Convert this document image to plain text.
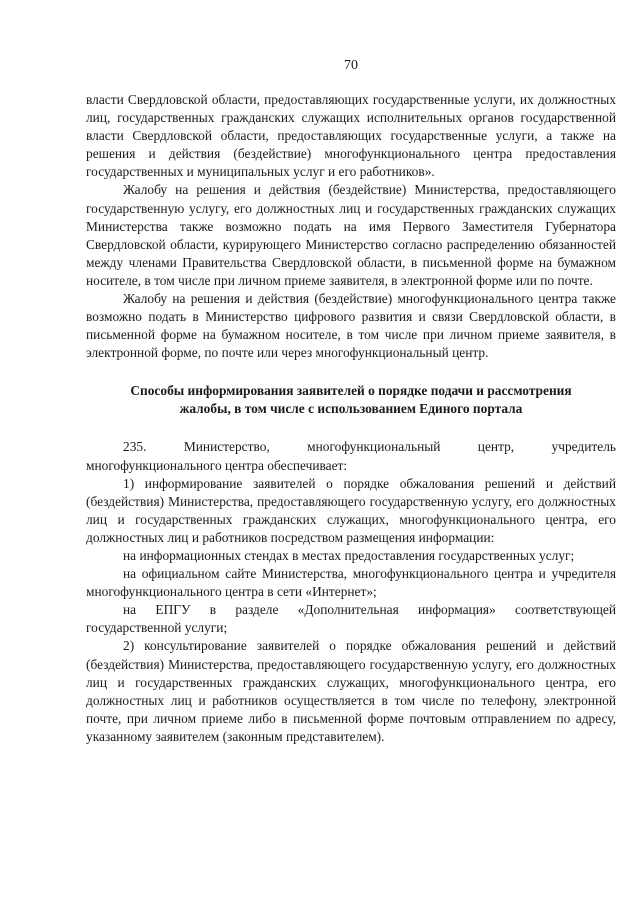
70

власти Свердловской области, предоставляющих государственные услуги, их должностных лиц, государственных гражданских служащих исполнительных органов государственной власти Свердловской области, предоставляющих государственные услуги, а также на решения и действия (бездействие) многофункционального центра предоставления государственных и муниципальных услуг и его работников».

Жалобу на решения и действия (бездействие) Министерства, предоставляющего государственную услугу, его должностных лиц и государственных гражданских служащих Министерства также возможно подать на имя Первого Заместителя Губернатора Свердловской области, курирующего Министерство согласно распределению обязанностей между членами Правительства Свердловской области, в письменной форме на бумажном носителе, в том числе при личном приеме заявителя, в электронной форме или по почте.

Жалобу на решения и действия (бездействие) многофункционального центра также возможно подать в Министерство цифрового развития и связи Свердловской области, в письменной форме на бумажном носителе, в том числе при личном приеме заявителя, в электронной форме, по почте или через многофункциональный центр.

Способы информирования заявителей о порядке подачи и рассмотрения
жалобы, в том числе с использованием Единого портала

235. Министерство, многофункциональный центр, учредитель многофункционального центра обеспечивает:

1) информирование заявителей о порядке обжалования решений и действий (бездействия) Министерства, предоставляющего государственную услугу, его должностных лиц и государственных гражданских служащих, многофункционального центра, его должностных лиц и работников посредством размещения информации:

на информационных стендах в местах предоставления государственных услуг;

на официальном сайте Министерства, многофункционального центра и учредителя многофункционального центра в сети «Интернет»;

на ЕПГУ в разделе «Дополнительная информация» соответствующей государственной услуги;

2) консультирование заявителей о порядке обжалования решений и действий (бездействия) Министерства, предоставляющего государственную услугу, его должностных лиц и государственных гражданских служащих, многофункционального центра, его должностных лиц и работников осуществляется в том числе по телефону, электронной почте, при личном приеме либо в письменной форме почтовым отправлением по адресу, указанному заявителем (законным представителем).
